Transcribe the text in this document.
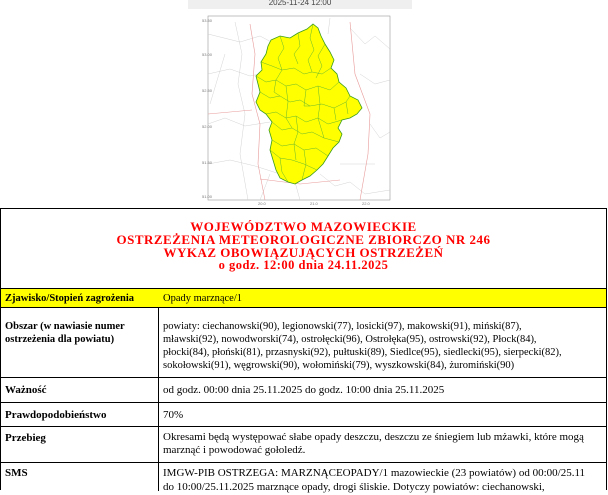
2025-11-24 12:00
53.50
53.00
52.50
52.00
51.50
51.00
20.0	21.0	22.0
WOJEWÓDZTWO MAZOWIECKIE
OSTRZEŻENIA METEOROLOGICZNE ZBIORCZO NR 246
WYKAZ OBOWIĄZUJĄCYCH OSTRZEŻEŃ
o godz. 12:00 dnia 24.11.2025
Zjawisko/Stopień zagrożenia	Opady marznące/1
Obszar (w nawiasie numer ostrzeżenia dla powiatu)
powiaty: ciechanowski(90), legionowski(77), losicki(97), makowski(91), miński(87),
mławski(92), nowodworski(74), ostrołęcki(96), Ostrołęka(95), ostrowski(92), Płock(84),
płocki(84), płoński(81), przasnyski(92), pułtuski(89), Siedlce(95), siedlecki(95), sierpecki(82),
sokołowski(91), węgrowski(90), wołomiński(79), wyszkowski(84), żuromiński(90)
Ważność	od godz. 00:00 dnia 25.11.2025 do godz. 10:00 dnia 25.11.2025
Prawdopodobieństwo	70%
Przebieg	Okresami będą występować słabe opady deszczu, deszczu ze śniegiem lub mżawki, które mogą
marznąć i powodować gołoledź.
SMS	IMGW-PIB OSTRZEGA: MARZNĄCEOPADY/1 mazowieckie (23 powiatów) od 00:00/25.11
do 10:00/25.11.2025 marznące opady, drogi śliskie. Dotyczy powiatów: ciechanowski,
